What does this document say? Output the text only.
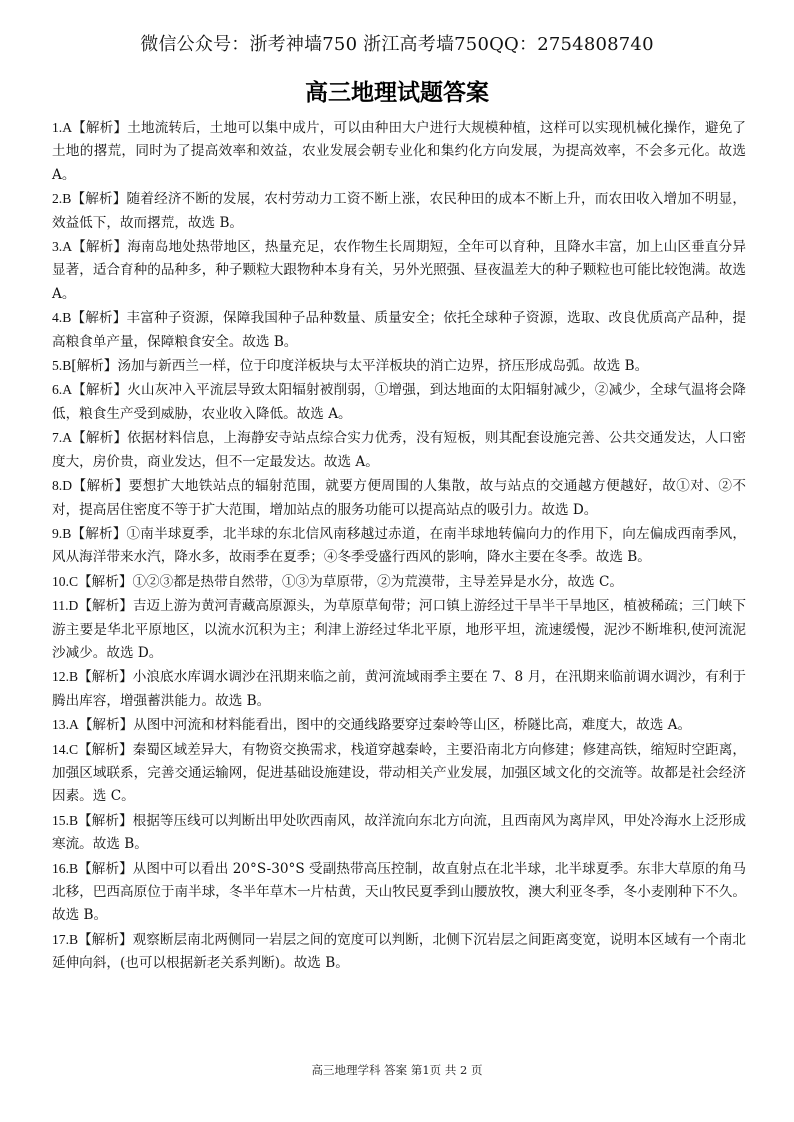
微信公众号：浙考神墙750 浙江高考墙750QQ：2754808740
高三地理试题答案

1.A【解析】土地流转后，土地可以集中成片，可以由种田大户进行大规模种植，这样可以实现机械化操作，避免了土地的撂荒，同时为了提高效率和效益，农业发展会朝专业化和集约化方向发展，为提高效率，不会多元化。故选 A。

2.B【解析】随着经济不断的发展，农村劳动力工资不断上涨，农民种田的成本不断上升，而农田收入增加不明显，效益低下，故而撂荒，故选 B。

3.A【解析】海南岛地处热带地区，热量充足，农作物生长周期短，全年可以育种，且降水丰富，加上山区垂直分异显著，适合育种的品种多，种子颗粒大跟物种本身有关，另外光照强、昼夜温差大的种子颗粒也可能比较饱满。故选 A。

4.B【解析】丰富种子资源，保障我国种子品种数量、质量安全；依托全球种子资源，选取、改良优质高产品种，提高粮食单产量，保障粮食安全。故选 B。

5.B[解析】汤加与新西兰一样，位于印度洋板块与太平洋板块的消亡边界，挤压形成岛弧。故选 B。

6.A【解析】火山灰冲入平流层导致太阳辐射被削弱，①增强，到达地面的太阳辐射减少，②减少，全球气温将会降低，粮食生产受到威胁，农业收入降低。故选 A。

7.A【解析】依据材料信息，上海静安寺站点综合实力优秀，没有短板，则其配套设施完善、公共交通发达，人口密度大，房价贵，商业发达，但不一定最发达。故选 A。

8.D【解析】要想扩大地铁站点的辐射范围，就要方便周围的人集散，故与站点的交通越方便越好，故①对、②不对，提高居住密度不等于扩大范围，增加站点的服务功能可以提高站点的吸引力。故选 D。

9.B【解析】①南半球夏季，北半球的东北信风南移越过赤道，在南半球地转偏向力的作用下，向左偏成西南季风，风从海洋带来水汽，降水多，故雨季在夏季；④冬季受盛行西风的影响，降水主要在冬季。故选 B。

10.C【解析】①②③都是热带自然带，①③为草原带，②为荒漠带，主导差异是水分，故选 C。

11.D【解析】吉迈上游为黄河青藏高原源头，为草原草甸带；河口镇上游经过干旱半干旱地区，植被稀疏；三门峡下游主要是华北平原地区，以流水沉积为主；利津上游经过华北平原，地形平坦，流速缓慢，泥沙不断堆积,使河流泥沙减少。故选 D。

12.B【解析】小浪底水库调水调沙在汛期来临之前，黄河流域雨季主要在 7、8 月，在汛期来临前调水调沙，有利于腾出库容，增强蓄洪能力。故选 B。

13.A【解析】从图中河流和材料能看出，图中的交通线路要穿过秦岭等山区，桥隧比高，难度大，故选 A。

14.C【解析】秦蜀区域差异大，有物资交换需求，栈道穿越秦岭，主要沿南北方向修建；修建高铁，缩短时空距离，加强区域联系，完善交通运输网，促进基础设施建设，带动相关产业发展，加强区域文化的交流等。故都是社会经济因素。选 C。

15.B【解析】根据等压线可以判断出甲处吹西南风，故洋流向东北方向流，且西南风为离岸风，甲处冷海水上泛形成寒流。故选 B。

16.B【解析】从图中可以看出 20°S-30°S 受副热带高压控制，故直射点在北半球，北半球夏季。东非大草原的角马北移，巴西高原位于南半球，冬半年草木一片枯黄，天山牧民夏季到山腰放牧，澳大利亚冬季，冬小麦刚种下不久。故选 B。

17.B【解析】观察断层南北两侧同一岩层之间的宽度可以判断，北侧下沉岩层之间距离变宽，说明本区域有一个南北延伸向斜，(也可以根据新老关系判断)。故选 B。

高三地理学科 答案 第1页 共 2 页
